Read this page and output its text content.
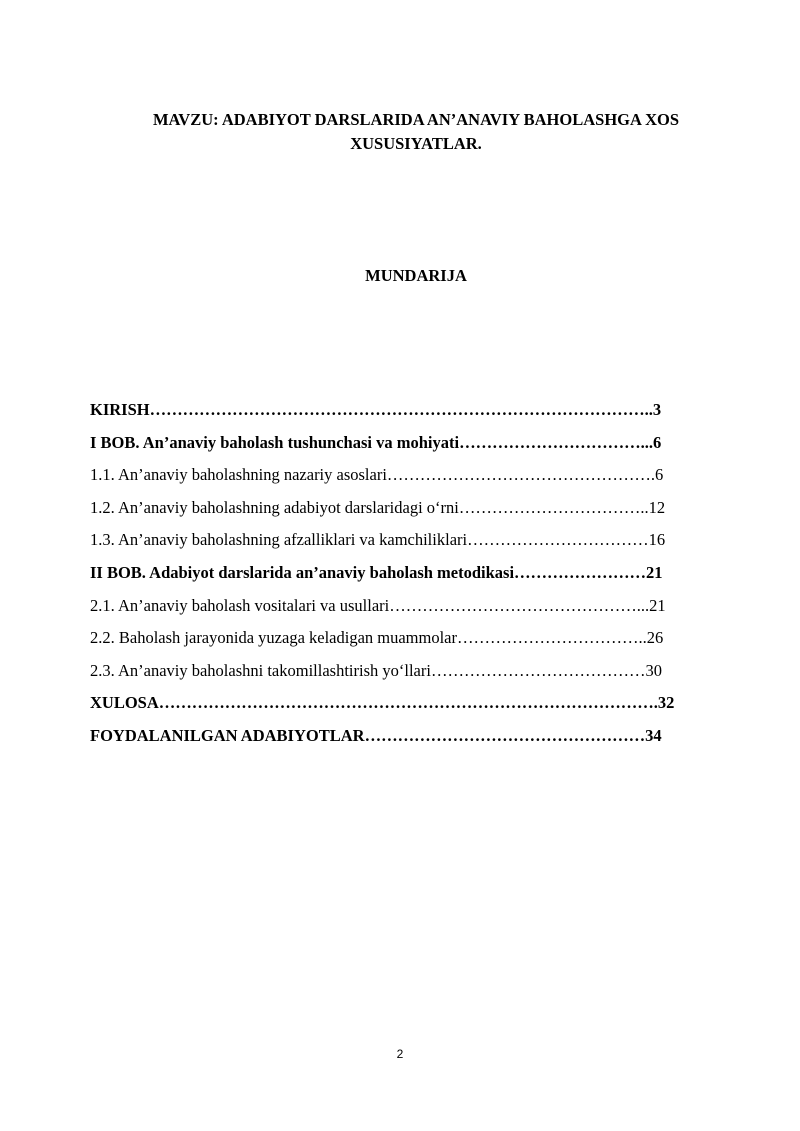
MAVZU: ADABIYOT DARSLARIDA AN’ANAVIY BAHOLASHGA XOS XUSUSIYATLAR.
MUNDARIJA

KIRISH………………………………………………………………………………..3

I BOB. An’anaviy baholash tushunchasi va mohiyati……………………………...6

1.1. An’anaviy baholashning nazariy asoslari………………………………………….6

1.2. An’anaviy baholashning adabiyot darslaridagi o‘rni……………………………..12

1.3. An’anaviy baholashning afzalliklari va kamchiliklari……………………………16

II BOB. Adabiyot darslarida an’anaviy baholash metodikasi……………………21

2.1. An’anaviy baholash vositalari va usullari………………………………………...21

2.2. Baholash jarayonida yuzaga keladigan muammolar……………………………..26

2.3. An’anaviy baholashni takomillashtirish yo‘llari…………………………………30

XULOSA……………………………………………………………………………….32

FOYDALANILGAN ADABIYOTLAR……………………………………………34

2
